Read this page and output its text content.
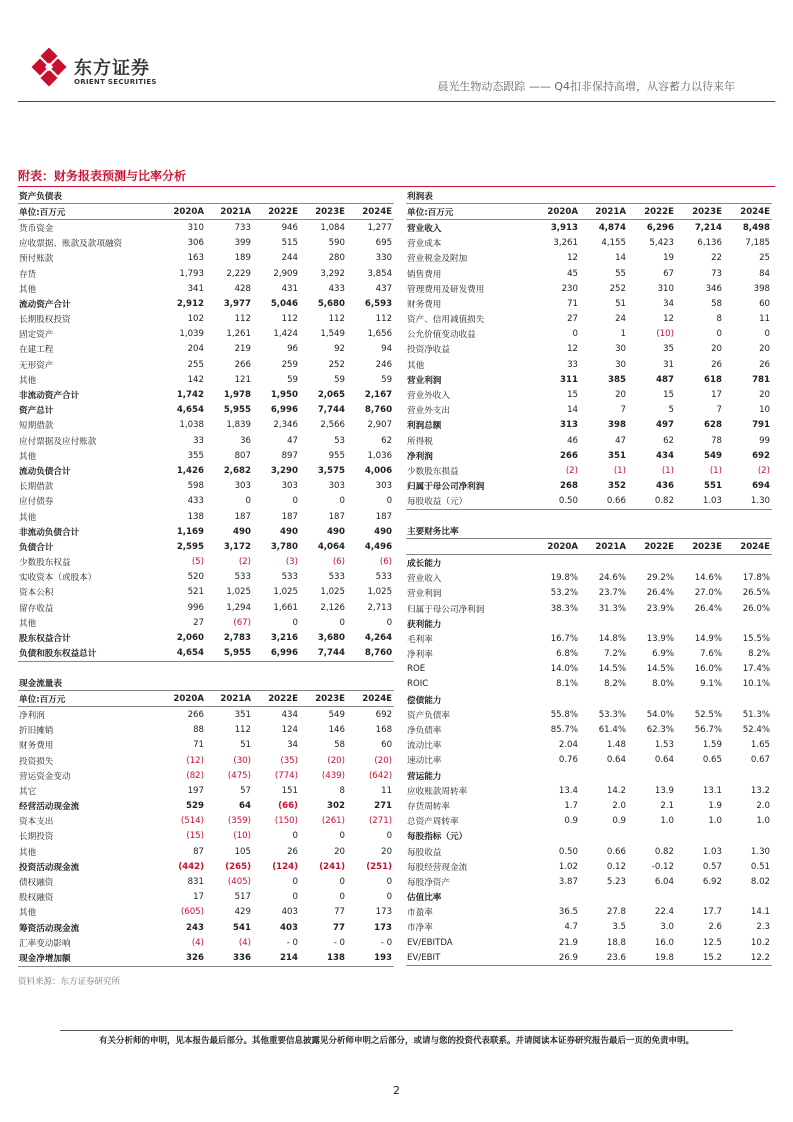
东方证券
ORIENT SECURITIES	晨光生物动态跟踪 —— Q4扣非保持高增，从容蓄力以待来年
附表：财务报表预测与比率分析
资产负债表					
单位:百万元	2020A	2021A	2022E	2023E	2024E
货币资金	310	733	946	1,084	1,277
应收票据、账款及款项融资	306	399	515	590	695
预付账款	163	189	244	280	330
存货	1,793	2,229	2,909	3,292	3,854
其他	341	428	431	433	437
流动资产合计	2,912	3,977	5,046	5,680	6,593
长期股权投资	102	112	112	112	112
固定资产	1,039	1,261	1,424	1,549	1,656
在建工程	204	219	96	92	94
无形资产	255	266	259	252	246
其他	142	121	59	59	59
非流动资产合计	1,742	1,978	1,950	2,065	2,167
资产总计	4,654	5,955	6,996	7,744	8,760
短期借款	1,038	1,839	2,346	2,566	2,907
应付票据及应付账款	33	36	47	53	62
其他	355	807	897	955	1,036
流动负债合计	1,426	2,682	3,290	3,575	4,006
长期借款	598	303	303	303	303
应付债券	433	0	0	0	0
其他	138	187	187	187	187
非流动负债合计	1,169	490	490	490	490
负债合计	2,595	3,172	3,780	4,064	4,496
少数股东权益	(5)	(2)	(3)	(6)	(6)
实收资本（或股本）	520	533	533	533	533
资本公积	521	1,025	1,025	1,025	1,025
留存收益	996	1,294	1,661	2,126	2,713
其他	27	(67)	0	0	0
股东权益合计	2,060	2,783	3,216	3,680	4,264
负债和股东权益总计	4,654	5,955	6,996	7,744	8,760
现金流量表					
单位:百万元	2020A	2021A	2022E	2023E	2024E
净利润	266	351	434	549	692
折旧摊销	88	112	124	146	168
财务费用	71	51	34	58	60
投资损失	(12)	(30)	(35)	(20)	(20)
营运资金变动	(82)	(475)	(774)	(439)	(642)
其它	197	57	151	8	11
经营活动现金流	529	64	(66)	302	271
资本支出	(514)	(359)	(150)	(261)	(271)
长期投资	(15)	(10)	0	0	0
其他	87	105	26	20	20
投资活动现金流	(442)	(265)	(124)	(241)	(251)
债权融资	831	(405)	0	0	0
股权融资	17	517	0	0	0
其他	(605)	429	403	77	173
筹资活动现金流	243	541	403	77	173
汇率变动影响	(4)	(4)	- 0	- 0	- 0
现金净增加额	326	336	214	138	193
利润表					
单位:百万元	2020A	2021A	2022E	2023E	2024E
营业收入	3,913	4,874	6,296	7,214	8,498
营业成本	3,261	4,155	5,423	6,136	7,185
营业税金及附加	12	14	19	22	25
销售费用	45	55	67	73	84
管理费用及研发费用	230	252	310	346	398
财务费用	71	51	34	58	60
资产、信用减值损失	27	24	12	8	11
公允价值变动收益	0	1	(10)	0	0
投资净收益	12	30	35	20	20
其他	33	30	31	26	26
营业利润	311	385	487	618	781
营业外收入	15	20	15	17	20
营业外支出	14	7	5	7	10
利润总额	313	398	497	628	791
所得税	46	47	62	78	99
净利润	266	351	434	549	692
少数股东损益	(2)	(1)	(1)	(1)	(2)
归属于母公司净利润	268	352	436	551	694
每股收益（元）	0.50	0.66	0.82	1.03	1.30
主要财务比率					
	2020A	2021A	2022E	2023E	2024E
成长能力					
营业收入	19.8%	24.6%	29.2%	14.6%	17.8%
营业利润	53.2%	23.7%	26.4%	27.0%	26.5%
归属于母公司净利润	38.3%	31.3%	23.9%	26.4%	26.0%
获利能力					
毛利率	16.7%	14.8%	13.9%	14.9%	15.5%
净利率	6.8%	7.2%	6.9%	7.6%	8.2%
ROE	14.0%	14.5%	14.5%	16.0%	17.4%
ROIC	8.1%	8.2%	8.0%	9.1%	10.1%
偿债能力					
资产负债率	55.8%	53.3%	54.0%	52.5%	51.3%
净负债率	85.7%	61.4%	62.3%	56.7%	52.4%
流动比率	2.04	1.48	1.53	1.59	1.65
速动比率	0.76	0.64	0.64	0.65	0.67
营运能力					
应收账款周转率	13.4	14.2	13.9	13.1	13.2
存货周转率	1.7	2.0	2.1	1.9	2.0
总资产周转率	0.9	0.9	1.0	1.0	1.0
每股指标（元）					
每股收益	0.50	0.66	0.82	1.03	1.30
每股经营现金流	1.02	0.12	-0.12	0.57	0.51
每股净资产	3.87	5.23	6.04	6.92	8.02
估值比率					
市盈率	36.5	27.8	22.4	17.7	14.1
市净率	4.7	3.5	3.0	2.6	2.3
EV/EBITDA	21.9	18.8	16.0	12.5	10.2
EV/EBIT	26.9	23.6	19.8	15.2	12.2
资料来源：东方证券研究所
有关分析师的申明，见本报告最后部分。其他重要信息披露见分析师申明之后部分，或请与您的投资代表联系。并请阅读本证券研究报告最后一页的免责申明。
2
